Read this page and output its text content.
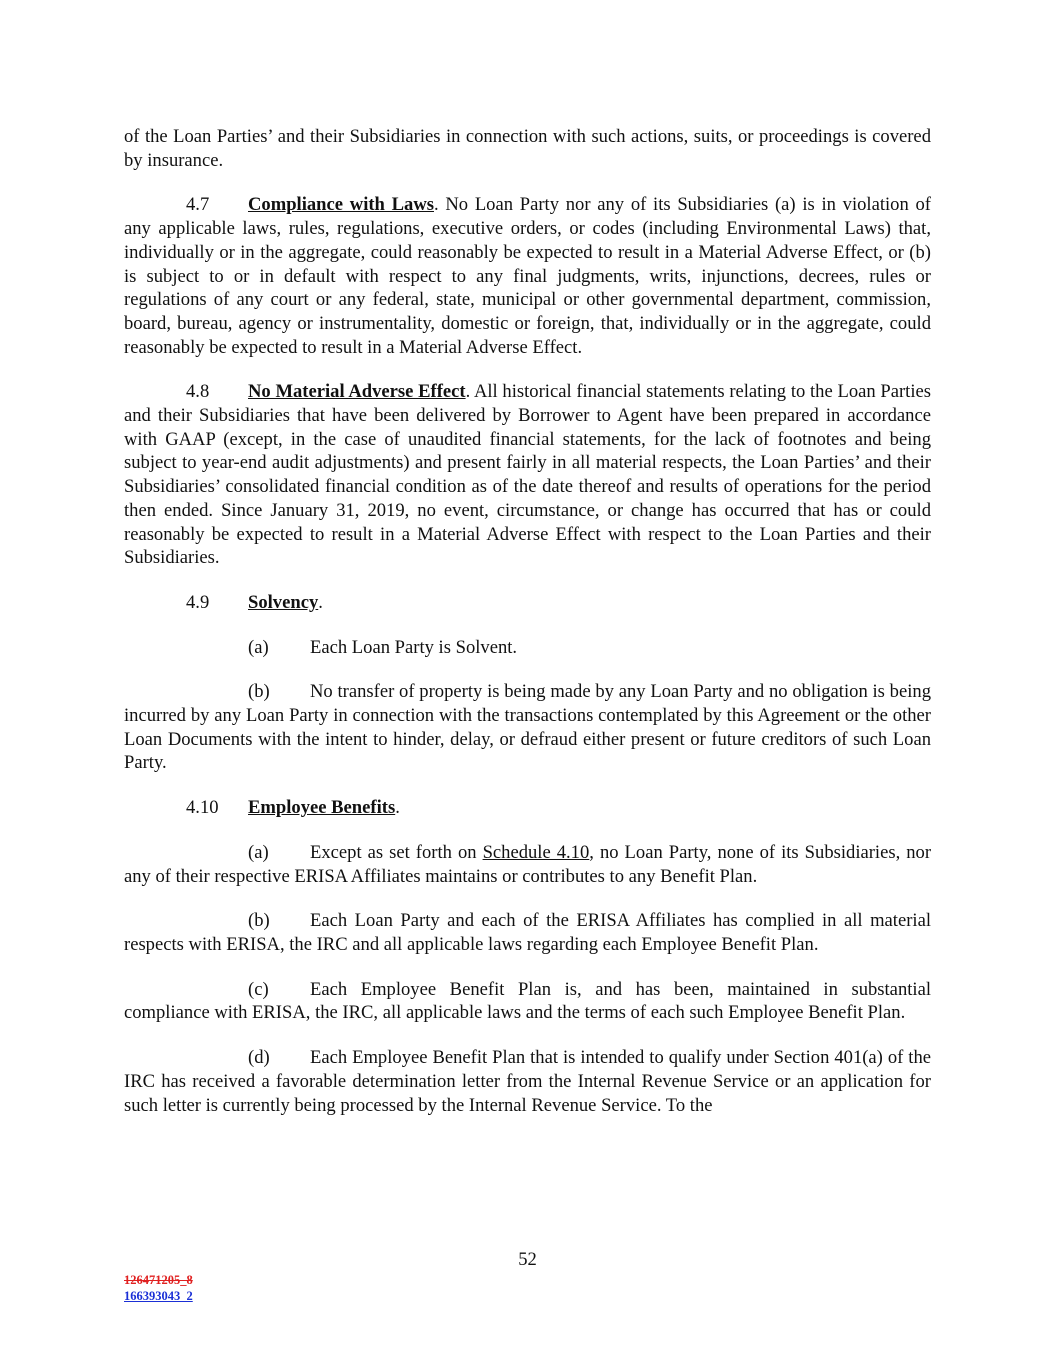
of the Loan Parties’ and their Subsidiaries in connection with such actions, suits, or proceedings is covered by insurance.

4.7 Compliance with Laws. No Loan Party nor any of its Subsidiaries (a) is in violation of any applicable laws, rules, regulations, executive orders, or codes (including Environmental Laws) that, individually or in the aggregate, could reasonably be expected to result in a Material Adverse Effect, or (b) is subject to or in default with respect to any final judgments, writs, injunctions, decrees, rules or regulations of any court or any federal, state, municipal or other governmental department, commission, board, bureau, agency or instrumentality, domestic or foreign, that, individually or in the aggregate, could reasonably be expected to result in a Material Adverse Effect.

4.8 No Material Adverse Effect. All historical financial statements relating to the Loan Parties and their Subsidiaries that have been delivered by Borrower to Agent have been prepared in accordance with GAAP (except, in the case of unaudited financial statements, for the lack of footnotes and being subject to year-end audit adjustments) and present fairly in all material respects, the Loan Parties’ and their Subsidiaries’ consolidated financial condition as of the date thereof and results of operations for the period then ended. Since January 31, 2019, no event, circumstance, or change has occurred that has or could reasonably be expected to result in a Material Adverse Effect with respect to the Loan Parties and their Subsidiaries.

4.9 Solvency.

(a) Each Loan Party is Solvent.

(b) No transfer of property is being made by any Loan Party and no obligation is being incurred by any Loan Party in connection with the transactions contemplated by this Agreement or the other Loan Documents with the intent to hinder, delay, or defraud either present or future creditors of such Loan Party.

4.10 Employee Benefits.

(a) Except as set forth on Schedule 4.10, no Loan Party, none of its Subsidiaries, nor any of their respective ERISA Affiliates maintains or contributes to any Benefit Plan.

(b) Each Loan Party and each of the ERISA Affiliates has complied in all material respects with ERISA, the IRC and all applicable laws regarding each Employee Benefit Plan.

(c) Each Employee Benefit Plan is, and has been, maintained in substantial compliance with ERISA, the IRC, all applicable laws and the terms of each such Employee Benefit Plan.

(d) Each Employee Benefit Plan that is intended to qualify under Section 401(a) of the IRC has received a favorable determination letter from the Internal Revenue Service or an application for such letter is currently being processed by the Internal Revenue Service. To the

52
126471205_8
166393043_2
